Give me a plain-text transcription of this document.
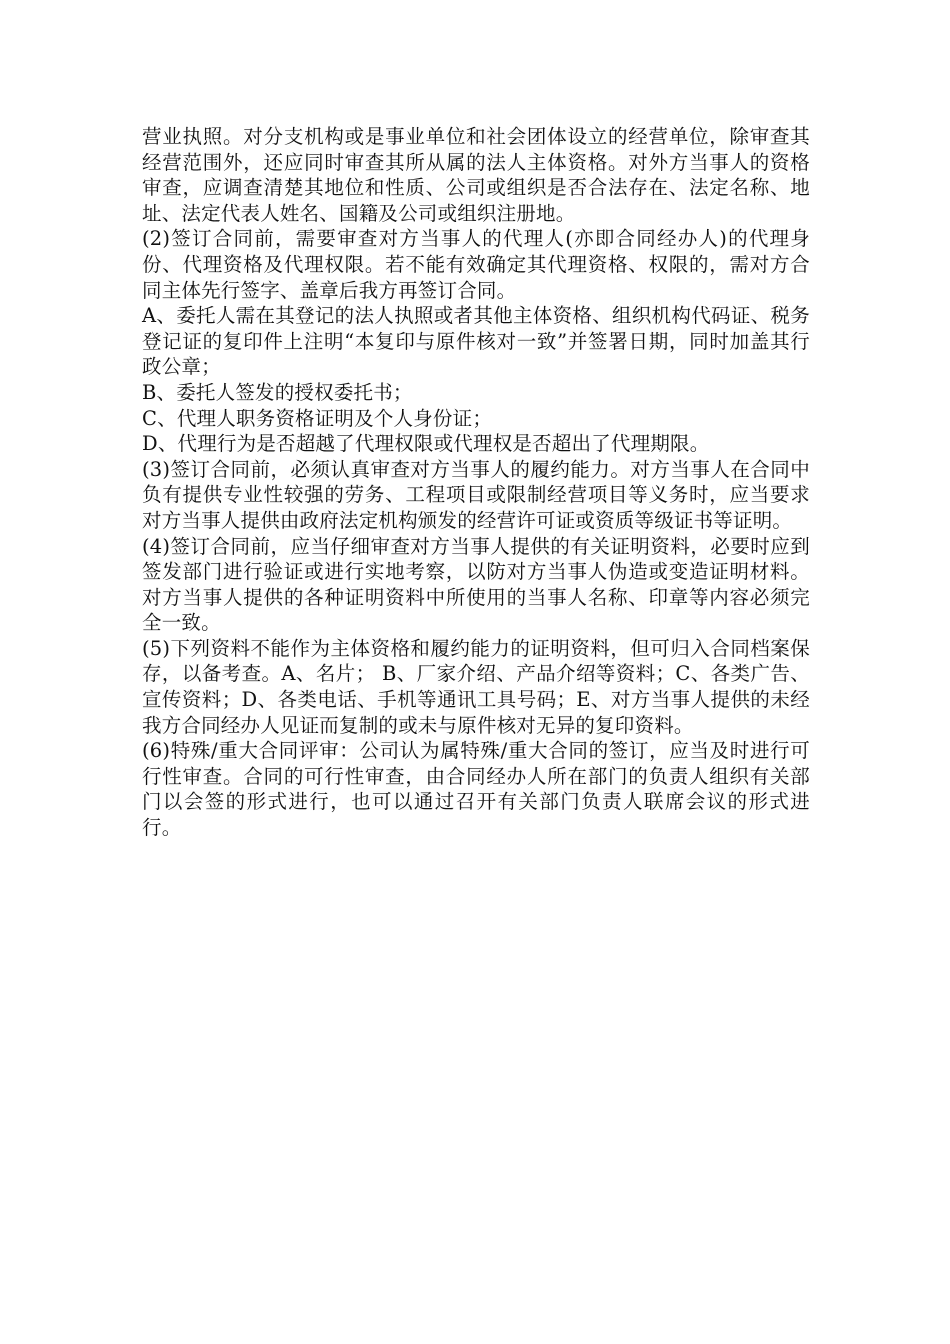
营业执照。对分支机构或是事业单位和社会团体设立的经营单位，除审查其经营范围外，还应同时审查其所从属的法人主体资格。对外方当事人的资格审查，应调查清楚其地位和性质、公司或组织是否合法存在、法定名称、地址、法定代表人姓名、国籍及公司或组织注册地。

(2)签订合同前，需要审查对方当事人的代理人(亦即合同经办人)的代理身份、代理资格及代理权限。若不能有效确定其代理资格、权限的，需对方合同主体先行签字、盖章后我方再签订合同。

A、委托人需在其登记的法人执照或者其他主体资格、组织机构代码证、税务登记证的复印件上注明“本复印与原件核对一致”并签署日期，同时加盖其行政公章；

B、委托人签发的授权委托书；

C、代理人职务资格证明及个人身份证；

D、代理行为是否超越了代理权限或代理权是否超出了代理期限。

(3)签订合同前，必须认真审查对方当事人的履约能力。对方当事人在合同中负有提供专业性较强的劳务、工程项目或限制经营项目等义务时，应当要求对方当事人提供由政府法定机构颁发的经营许可证或资质等级证书等证明。

(4)签订合同前，应当仔细审查对方当事人提供的有关证明资料，必要时应到签发部门进行验证或进行实地考察，以防对方当事人伪造或变造证明材料。对方当事人提供的各种证明资料中所使用的当事人名称、印章等内容必须完全一致。

(5)下列资料不能作为主体资格和履约能力的证明资料，但可归入合同档案保存，以备考查。A、名片； B、厂家介绍、产品介绍等资料；C、各类广告、宣传资料；D、各类电话、手机等通讯工具号码；E、对方当事人提供的未经我方合同经办人见证而复制的或未与原件核对无异的复印资料。

(6)特殊/重大合同评审：公司认为属特殊/重大合同的签订，应当及时进行可行性审查。合同的可行性审查，由合同经办人所在部门的负责人组织有关部门以会签的形式进行，也可以通过召开有关部门负责人联席会议的形式进行。
